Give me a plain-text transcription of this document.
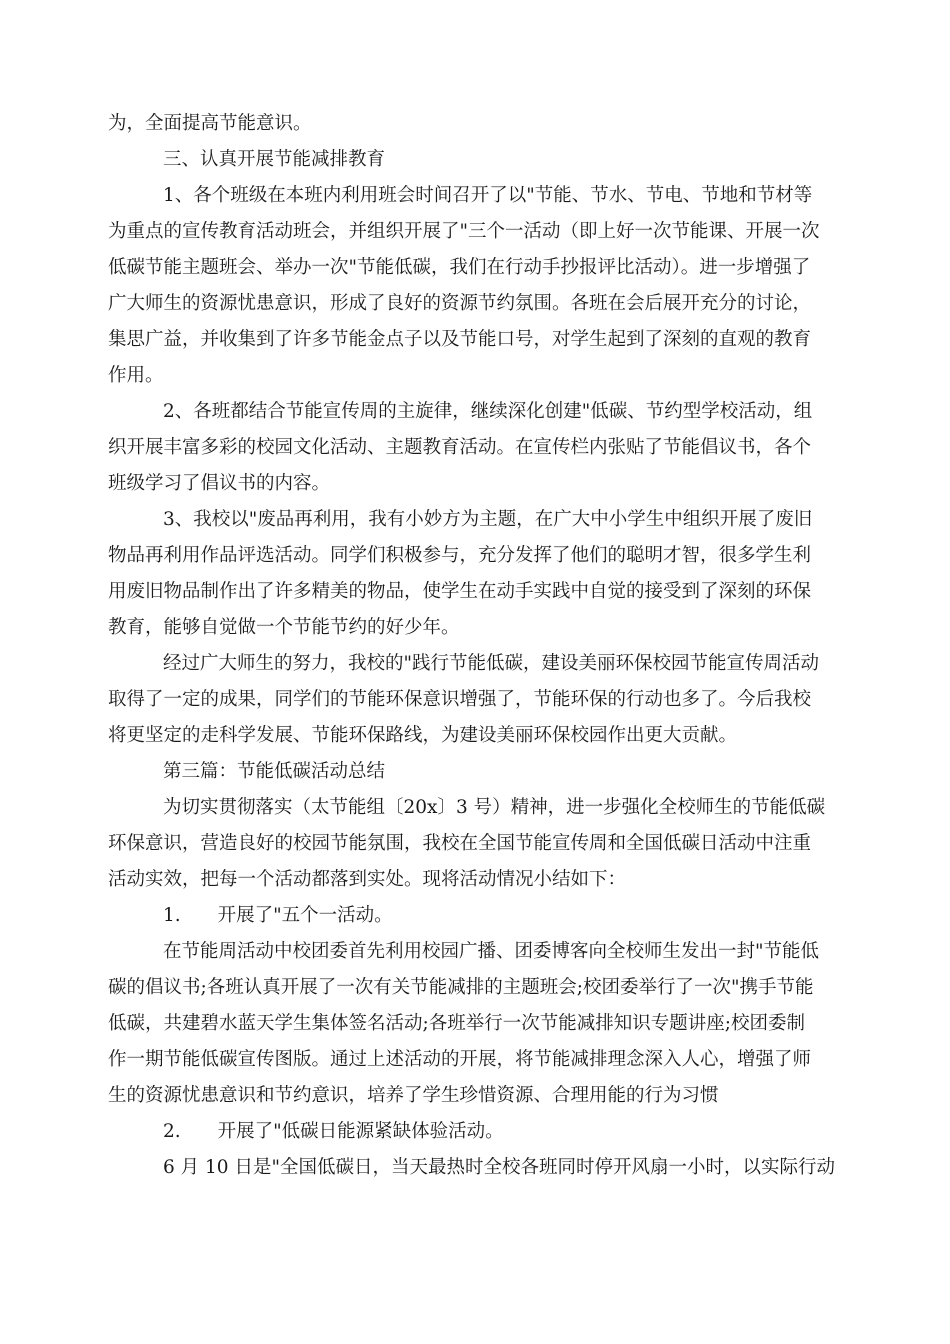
为，全面提高节能意识。

三、认真开展节能减排教育

1、各个班级在本班内利用班会时间召开了以"节能、节水、节电、节地和节材等

为重点的宣传教育活动班会，并组织开展了"三个一活动（即上好一次节能课、开展一次

低碳节能主题班会、举办一次"节能低碳，我们在行动手抄报评比活动）。进一步增强了

广大师生的资源忧患意识，形成了良好的资源节约氛围。各班在会后展开充分的讨论，

集思广益，并收集到了许多节能金点子以及节能口号，对学生起到了深刻的直观的教育

作用。

2、各班都结合节能宣传周的主旋律，继续深化创建"低碳、节约型学校活动，组

织开展丰富多彩的校园文化活动、主题教育活动。在宣传栏内张贴了节能倡议书，各个

班级学习了倡议书的内容。

3、我校以"废品再利用，我有小妙方为主题，在广大中小学生中组织开展了废旧

物品再利用作品评选活动。同学们积极参与，充分发挥了他们的聪明才智，很多学生利

用废旧物品制作出了许多精美的物品，使学生在动手实践中自觉的接受到了深刻的环保

教育，能够自觉做一个节能节约的好少年。

经过广大师生的努力，我校的"践行节能低碳，建设美丽环保校园节能宣传周活动

取得了一定的成果，同学们的节能环保意识增强了，节能环保的行动也多了。今后我校

将更坚定的走科学发展、节能环保路线，为建设美丽环保校园作出更大贡献。

第三篇：节能低碳活动总结

为切实贯彻落实（太节能组〔20x〕3 号）精神，进一步强化全校师生的节能低碳

环保意识，营造良好的校园节能氛围，我校在全国节能宣传周和全国低碳日活动中注重

活动实效，把每一个活动都落到实处。现将活动情况小结如下：

1.　　开展了"五个一活动。

在节能周活动中校团委首先利用校园广播、团委博客向全校师生发出一封"节能低

碳的倡议书;各班认真开展了一次有关节能减排的主题班会;校团委举行了一次"携手节能

低碳，共建碧水蓝天学生集体签名活动;各班举行一次节能减排知识专题讲座;校团委制

作一期节能低碳宣传图版。通过上述活动的开展，将节能减排理念深入人心，增强了师

生的资源忧患意识和节约意识，培养了学生珍惜资源、合理用能的行为习惯

2.　　开展了"低碳日能源紧缺体验活动。

6 月 10 日是"全国低碳日，当天最热时全校各班同时停开风扇一小时，以实际行动
